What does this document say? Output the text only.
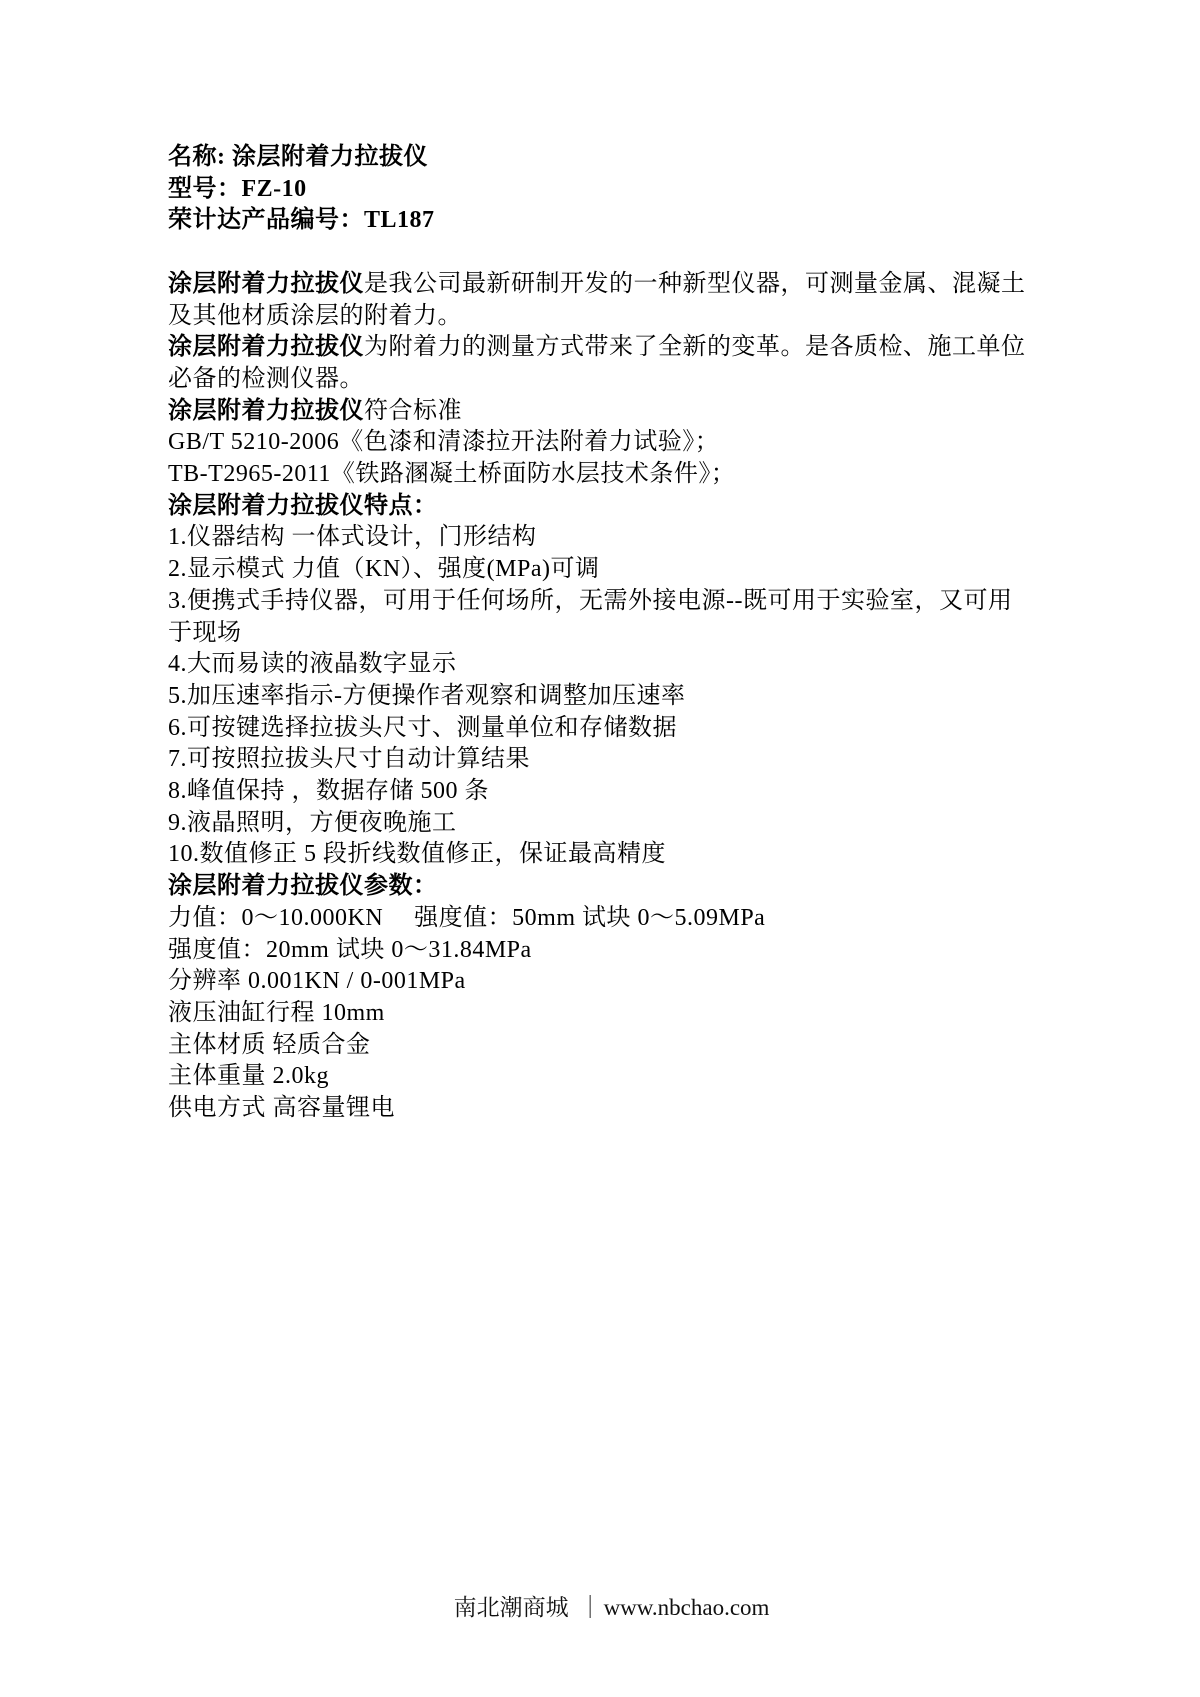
名称: 涂层附着力拉拔仪
型号：FZ-10
荣计达产品编号：TL187

涂层附着力拉拔仪是我公司最新研制开发的一种新型仪器，可测量金属、混凝土
及其他材质涂层的附着力。
涂层附着力拉拔仪为附着力的测量方式带来了全新的变革。是各质检、施工单位
必备的检测仪器。
涂层附着力拉拔仪符合标准
GB/T 5210-2006《色漆和清漆拉开法附着力试验》；
TB-T2965-2011《铁路溷凝土桥面防水层技术条件》；
涂层附着力拉拔仪特点：
1.仪器结构 一体式设计，门形结构
2.显示模式 力值（KN）、强度(MPa)可调
3.便携式手持仪器，可用于任何场所，无需外接电源--既可用于实验室，又可用
于现场
4.大而易读的液晶数字显示
5.加压速率指示-方便操作者观察和调整加压速率
6.可按键选择拉拔头尺寸、测量单位和存储数据
7.可按照拉拔头尺寸自动计算结果
8.峰值保持 ，数据存储 500 条
9.液晶照明，方便夜晚施工
10.数值修正 5 段折线数值修正，保证最高精度
涂层附着力拉拔仪参数：
力值：0～10.000KN　 强度值：50mm 试块 0～5.09MPa
强度值：20mm 试块 0～31.84MPa
分辨率 0.001KN / 0-001MPa
液压油缸行程 10mm
主体材质 轻质合金
主体重量 2.0kg
供电方式 高容量锂电

南北潮商城 ｜www.nbchao.com
